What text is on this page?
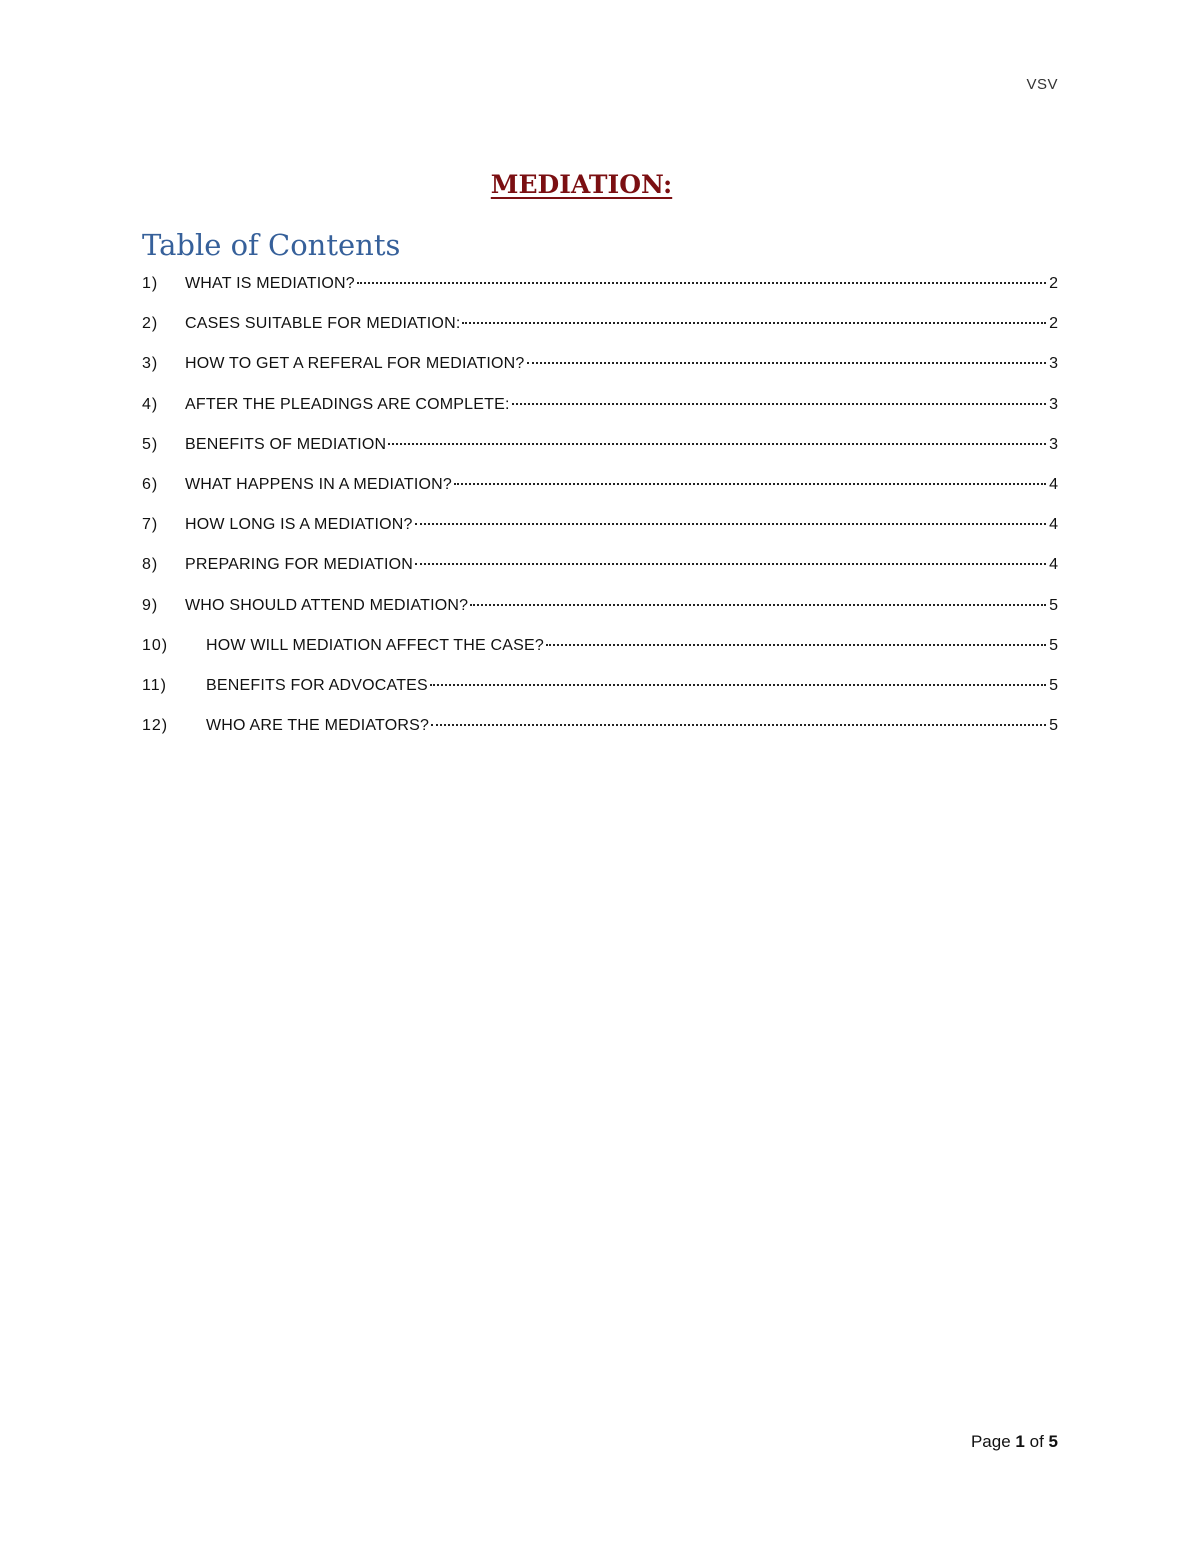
VSV
MEDIATION:
Table of Contents
1)	WHAT IS MEDIATION?	2
2)	CASES SUITABLE FOR MEDIATION:	2
3)	HOW TO GET A REFERAL FOR MEDIATION?	3
4)	AFTER THE PLEADINGS ARE COMPLETE:	3
5)	BENEFITS OF MEDIATION	3
6)	WHAT HAPPENS IN A MEDIATION?	4
7)	HOW LONG IS A MEDIATION?	4
8)	PREPARING FOR MEDIATION	4
9)	WHO SHOULD ATTEND MEDIATION?	5
10)	HOW WILL MEDIATION AFFECT THE CASE?	5
11)	BENEFITS FOR ADVOCATES	5
12)	WHO ARE THE MEDIATORS?	5
Page 1 of 5
